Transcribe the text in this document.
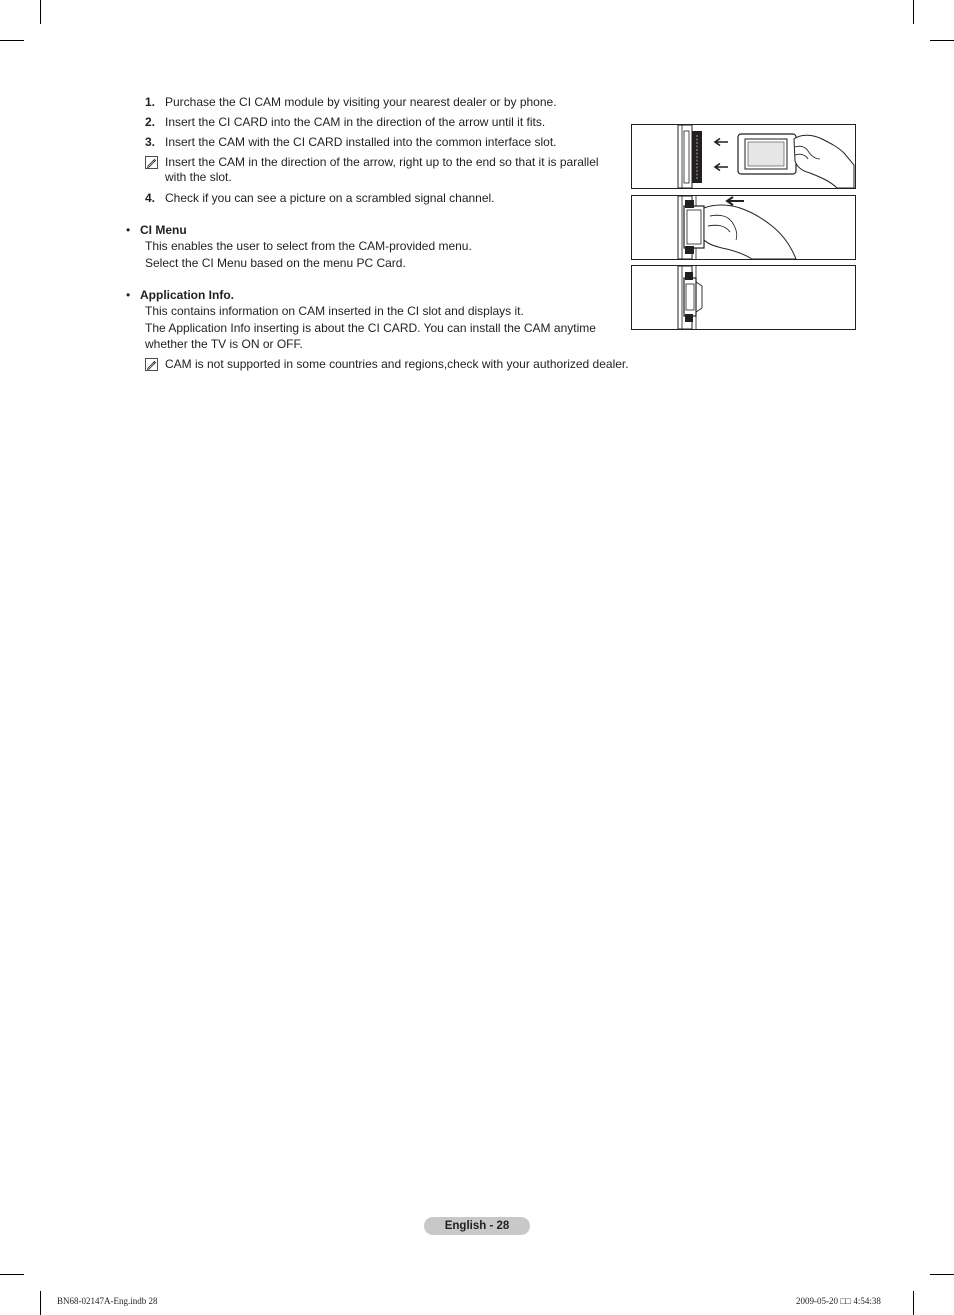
1. Purchase the CI CAM module by visiting your nearest dealer or by phone.
2. Insert the CI CARD into the CAM in the direction of the arrow until it fits.
3. Insert the CAM with the CI CARD installed into the common interface slot.
Insert the CAM in the direction of the arrow, right up to the end so that it is parallel
with the slot.
4. Check if you can see a picture on a scrambled signal channel.
• CI Menu
This enables the user to select from the CAM-provided menu.
Select the CI Menu based on the menu PC Card.
• Application Info.
This contains information on CAM inserted in the CI slot and displays it.
The Application Info inserting is about the CI CARD. You can install the CAM anytime
whether the TV is ON or OFF.
CAM is not supported in some countries and regions,check with your authorized dealer.
English - 28
BN68-02147A-Eng.indb 28	2009-05-20 □□ 4:54:38
